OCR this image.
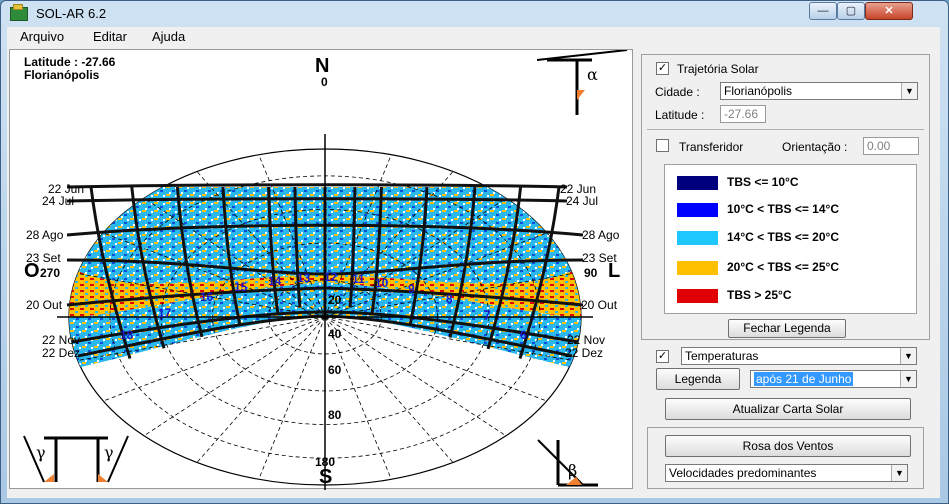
SOL-AR 6.2	—	▢	✕
Arquivo Editar Ajuda
α
β
γ	γ
Latitude : -27.66
Florianópolis	N
0
S
180
L
90
O 270
20
40
60
80
22 Jun
24 Jul
28 Ago
23 Set
20 Out
22 Nov
22 Dez
22 Jun
24 Jul
28 Ago
23 Set
20 Out
22 Nov
22 Dez
6
7
8
9
10
11
12
13
14
15
16
17
18
✓ Trajetória Solar
Cidade :	Florianópolis	▼
Latitude :	-27.66
Transferidor	Orientação :	0.00
TBS <= 10°C
10°C < TBS <= 14°C
14°C < TBS <= 20°C
20°C < TBS <= 25°C
TBS > 25°C
Fechar Legenda
✓	Temperaturas	▼
Legenda	após 21 de Junho	▼
Atualizar Carta Solar
Rosa dos Ventos
Velocidades predominantes	▼
